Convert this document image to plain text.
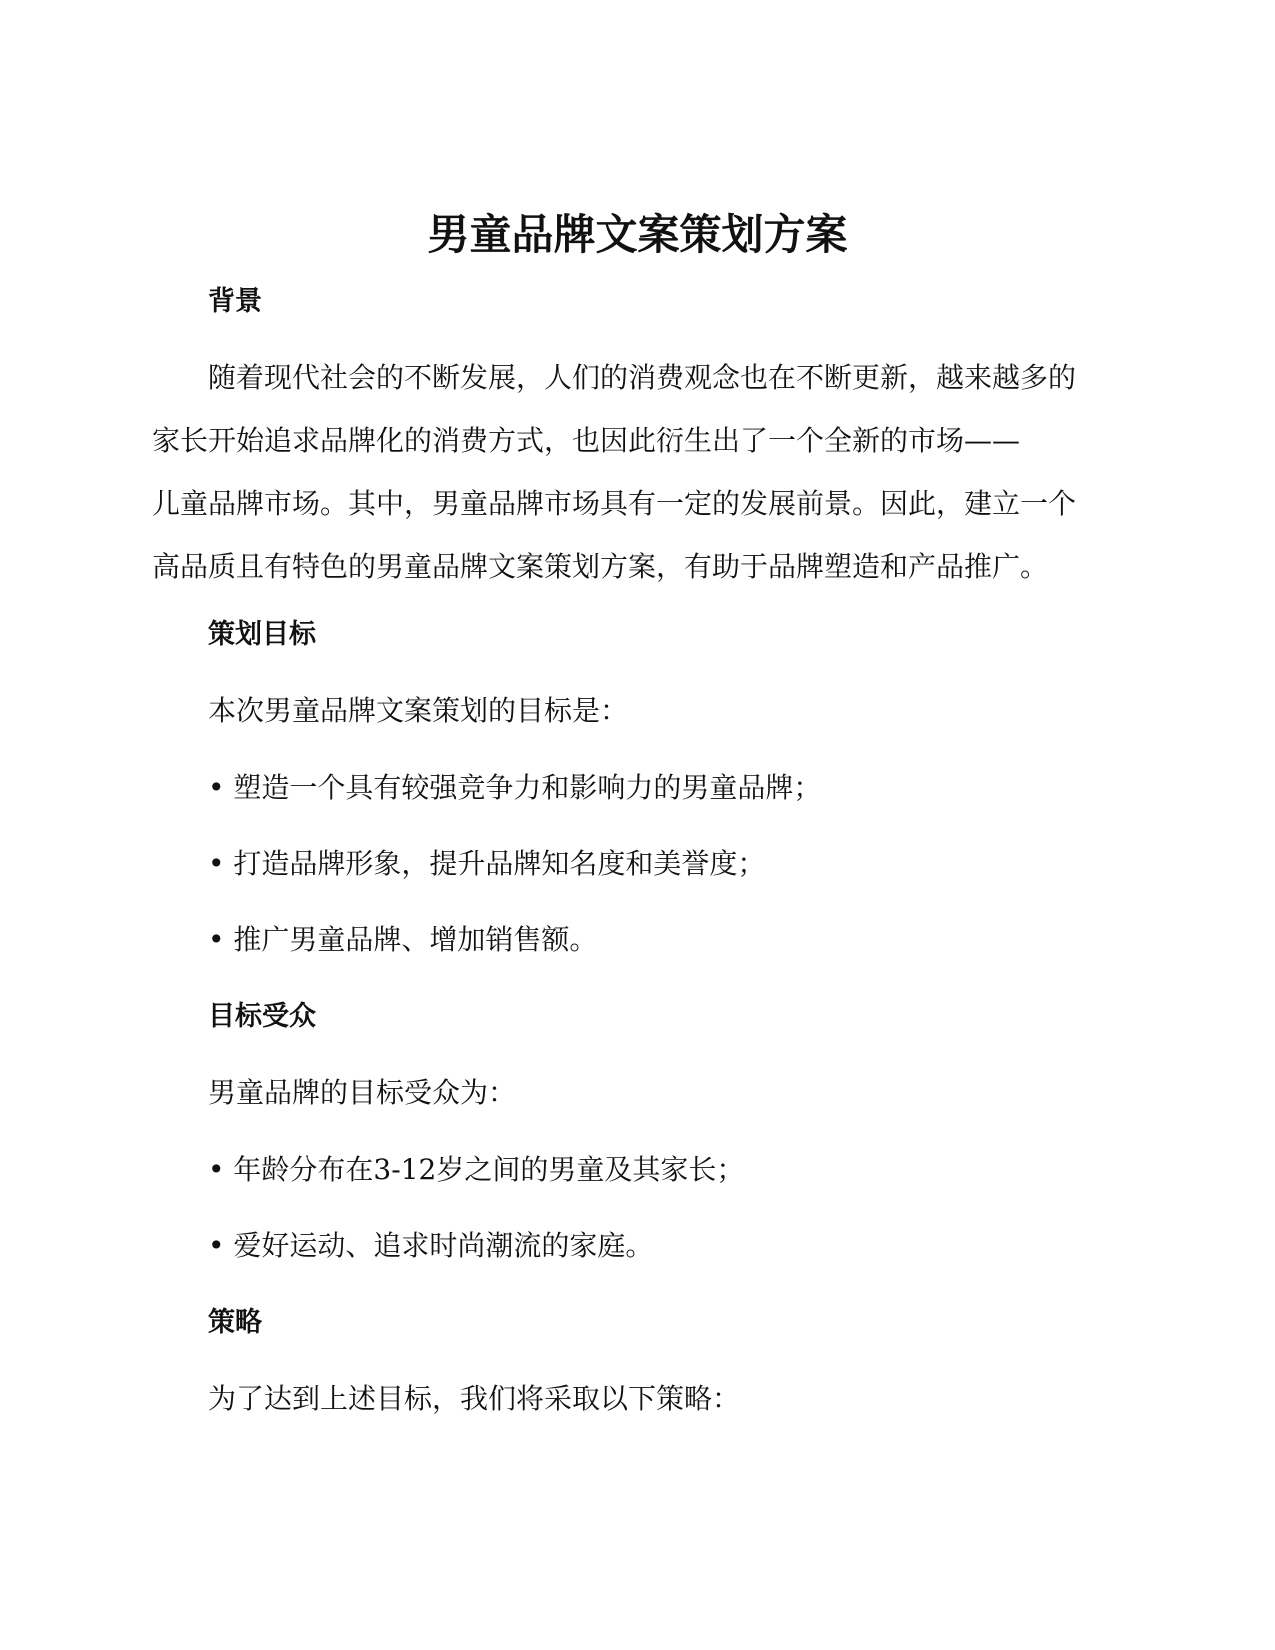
男童品牌文案策划方案
背景

随着现代社会的不断发展，人们的消费观念也在不断更新，越来越多的
家长开始追求品牌化的消费方式，也因此衍生出了一个全新的市场——
儿童品牌市场。其中，男童品牌市场具有一定的发展前景。因此，建立一个
高品质且有特色的男童品牌文案策划方案，有助于品牌塑造和产品推广。

策划目标

本次男童品牌文案策划的目标是：

• 塑造一个具有较强竞争力和影响力的男童品牌；

• 打造品牌形象，提升品牌知名度和美誉度；

• 推广男童品牌、增加销售额。

目标受众

男童品牌的目标受众为：

• 年龄分布在3-12岁之间的男童及其家长；

• 爱好运动、追求时尚潮流的家庭。

策略

为了达到上述目标，我们将采取以下策略：
